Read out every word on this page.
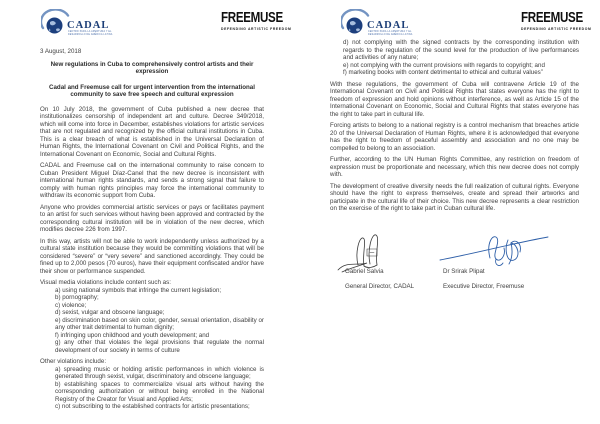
CADAL
CENTRO PARA LA APERTURA Y EL
DESARROLLO DE AMÉRICA LATINA
FREEMUSE
DEFENDING ARTISTIC FREEDOM
3 August, 2018
New regulations in Cuba to comprehensively control artists and their expression
Cadal and Freemuse call for urgent intervention from the international community to save free speech and cultural expression

On 10 July 2018, the government of Cuba published a new decree that institutionalizes censorship of independent art and culture. Decree 349/2018, which will come into force in December, establishes violations for artistic services that are not regulated and recognized by the official cultural institutions in Cuba. This is a clear breach of what is established in the Universal Declaration of Human Rights, the International Covenant on Civil and Political Rights, and the International Covenant on Economic, Social and Cultural Rights.

CADAL and Freemuse call on the international community to raise concern to Cuban President Miguel Díaz-Canel that the new decree is inconsistent with international human rights standards, and sends a strong signal that failure to comply with human rights principles may force the international community to withdraw its economic support from Cuba.

Anyone who provides commercial artistic services or pays or facilitates payment to an artist for such services without having been approved and contracted by the corresponding cultural institution will be in violation of the new decree, which modifies decree 226 from 1997.

In this way, artists will not be able to work independently unless authorized by a cultural state institution because they would be committing violations that will be considered “severe” or “very severe” and sanctioned accordingly. They could be fined up to 2,000 pesos (70 euros), have their equipment confiscated and/or have their show or performance suspended.

Visual media violations include content such as:
a) using national symbols that infringe the current legislation;
b) pornography;
c) violence;
d) sexist, vulgar and obscene language;
e) discrimination based on skin color, gender, sexual orientation, disability or any other trait detrimental to human dignity;
f) infringing upon childhood and youth development; and
g) any other that violates the legal provisions that regulate the normal development of our society in terms of culture
Other violations include:
a) spreading music or holding artistic performances in which violence is generated through sexist, vulgar, discriminatory and obscene language;
b) establishing spaces to commercialize visual arts without having the corresponding authorization or without being enrolled in the National Registry of the Creator for Visual and Applied Arts;
c) not subscribing to the established contracts for artistic presentations;
CADAL
CENTRO PARA LA APERTURA Y EL
DESARROLLO DE AMÉRICA LATINA
FREEMUSE
DEFENDING ARTISTIC FREEDOM
d) not complying with the signed contracts by the corresponding institution with regards to the regulation of the sound level for the production of live performances and activities of any nature;
e) not complying with the current provisions with regards to copyright; and
f) marketing books with content detrimental to ethical and cultural values”

With these regulations, the government of Cuba will contravene Article 19 of the International Covenant on Civil and Political Rights that states everyone has the right to freedom of expression and hold opinions without interference, as well as Article 15 of the International Covenant on Economic, Social and Cultural Rights that states everyone has the right to take part in cultural life.

Forcing artists to belong to a national registry is a control mechanism that breaches article 20 of the Universal Declaration of Human Rights, where it is acknowledged that everyone has the right to freedom of peaceful assembly and association and no one may be compelled to belong to an association.

Further, according to the UN Human Rights Committee, any restriction on freedom of expression must be proportionate and necessary, which this new decree does not comply with.

The development of creative diversity needs the full realization of cultural rights. Everyone should have the right to express themselves, create and spread their artworks and participate in the cultural life of their choice. This new decree represents a clear restriction on the exercise of the right to take part in Cuban cultural life.

Gabriel Salvia
General Director, CADAL
Dr Srirak Plipat
Executive Director, Freemuse
